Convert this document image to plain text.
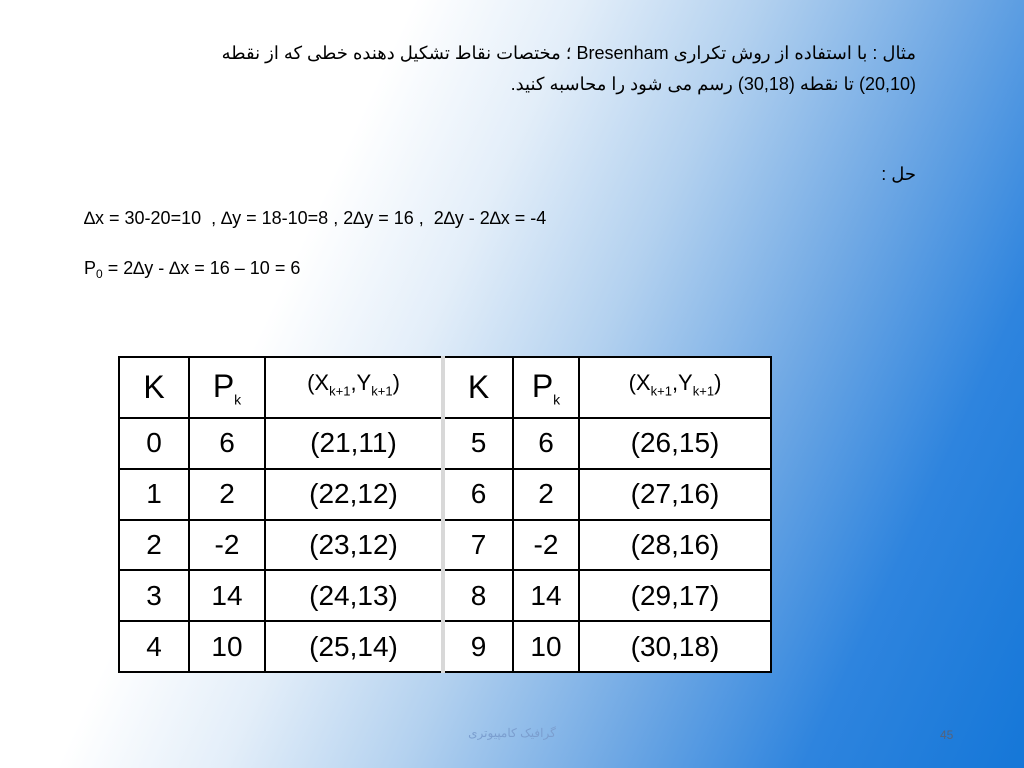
مثال : با استفاده از روش تکراری Bresenham ؛ مختصات نقاط تشکیل دهنده خطی که از نقطه

(20,10) تا نقطه (30,18) رسم می شود را محاسبه کنید.

حل :
∆x = 30-20=10  , ∆y = 18-10=8 , 2∆y = 16 ,  2∆y - 2∆x = -4
$P_0 = 2\Delta y - \Delta x = 16 - 10 = 6$
K	$P_k$	$(X_{k+1},Y_{k+1})$	K	$P_k$	$(X_{k+1},Y_{k+1})$
0	6	(21,11)	5	6	(26,15)
1	2	(22,12)	6	2	(27,16)
2	-2	(23,12)	7	-2	(28,16)
3	14	(24,13)	8	14	(29,17)
4	10	(25,14)	9	10	(30,18)
گرافیک کامپیوتری	45
